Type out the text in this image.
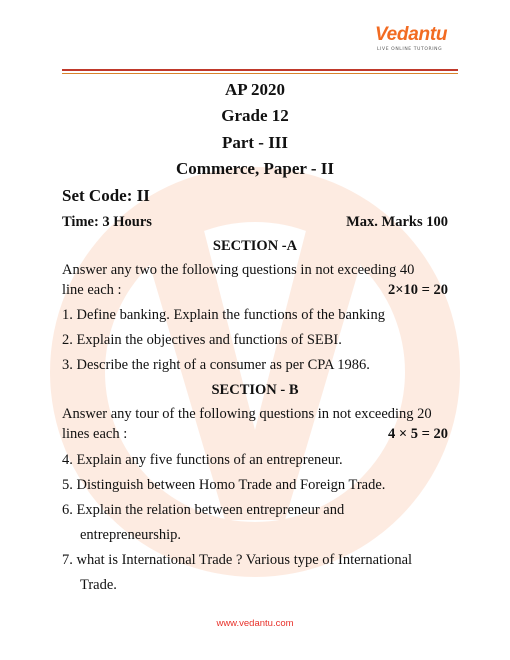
Vedantu
LIVE ONLINE TUTORING
AP 2020
Grade 12
Part - III
Commerce, Paper - II
Set Code: II
Time: 3 Hours	Max. Marks 100
SECTION -A
Answer any two the following questions in not exceeding 40
line each :	2×10 = 20
1. Define banking. Explain the functions of the banking
2. Explain the objectives and functions of SEBI.
3. Describe the right of a consumer as per CPA 1986.
SECTION - B
Answer any tour of the following questions in not exceeding 20
lines each :	4 × 5 = 20
4. Explain any five functions of an entrepreneur.
5. Distinguish between Homo Trade and Foreign Trade.
6. Explain the relation between entrepreneur and
entrepreneurship.
7. what is International Trade ? Various type of International
Trade.
www.vedantu.com
